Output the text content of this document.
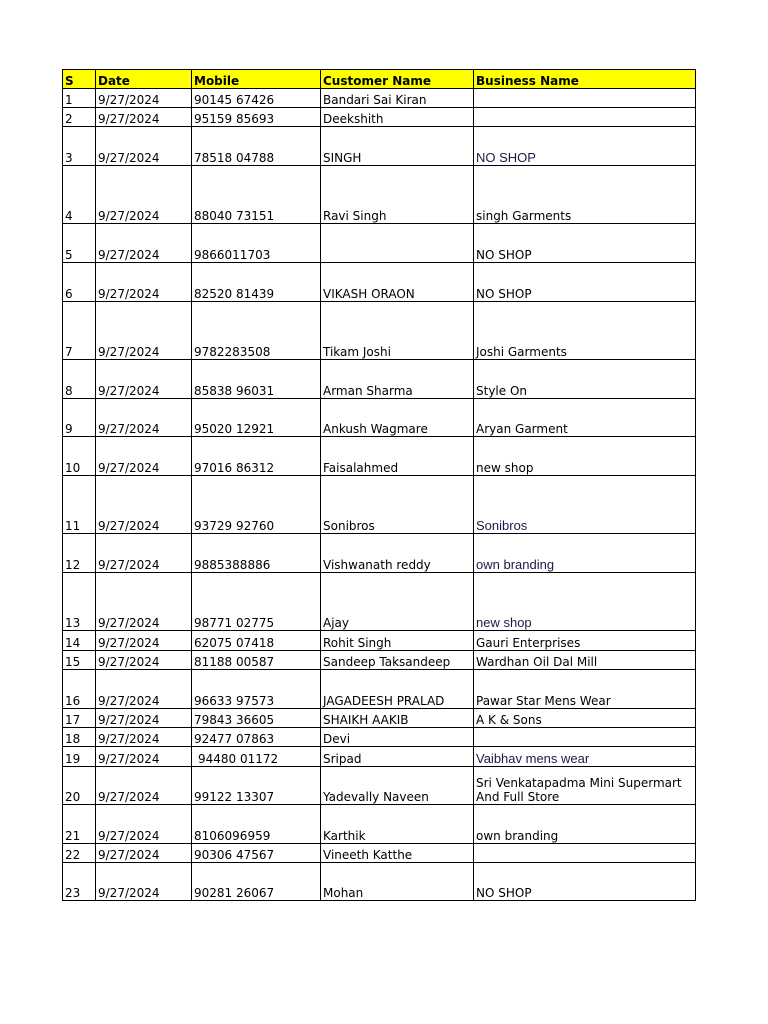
S	Date	Mobile	Customer Name	Business Name
1	9/27/2024	90145 67426	Bandari Sai Kiran	
2	9/27/2024	95159 85693	Deekshith	
3	9/27/2024	78518 04788	SINGH	NO SHOP
4	9/27/2024	88040 73151	Ravi Singh	singh Garments
5	9/27/2024	9866011703		NO SHOP
6	9/27/2024	82520 81439	VIKASH ORAON	NO SHOP
7	9/27/2024	9782283508	Tikam Joshi	Joshi Garments
8	9/27/2024	85838 96031	Arman Sharma	Style On
9	9/27/2024	95020 12921	Ankush Wagmare	Aryan Garment
10	9/27/2024	97016 86312	Faisalahmed	new shop
11	9/27/2024	93729 92760	Sonibros	Sonibros
12	9/27/2024	9885388886	Vishwanath reddy	own branding
13	9/27/2024	98771 02775	Ajay	new shop
14	9/27/2024	62075 07418	Rohit Singh	Gauri Enterprises
15	9/27/2024	81188 00587	Sandeep Taksandeep	Wardhan Oil Dal Mill
16	9/27/2024	96633 97573	JAGADEESH PRALAD	Pawar Star Mens Wear
17	9/27/2024	79843 36605	SHAIKH AAKIB	A K & Sons
18	9/27/2024	92477 07863	Devi	
19	9/27/2024	94480 01172	Sripad	Vaibhav mens wear
20	9/27/2024	99122 13307	Yadevally Naveen	Sri Venkatapadma Mini Supermart And Full Store
21	9/27/2024	8106096959	Karthik	own branding
22	9/27/2024	90306 47567	Vineeth Katthe	
23	9/27/2024	90281 26067	Mohan	NO SHOP
